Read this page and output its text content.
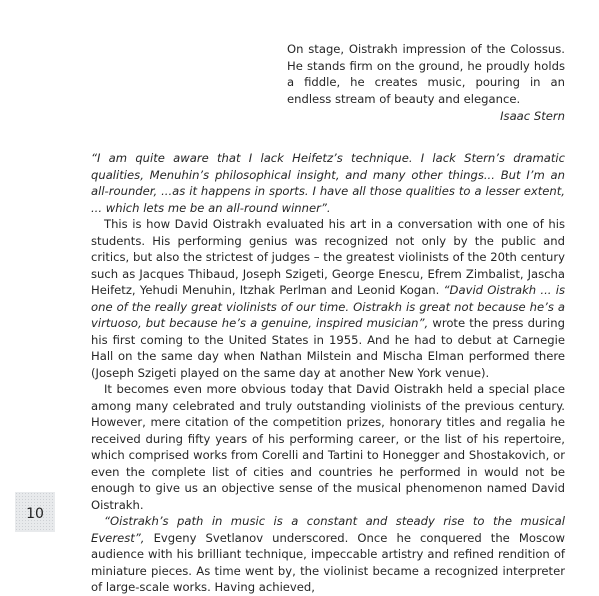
On stage, Oistrakh impression of the Colossus. He stands firm on the ground, he proudly holds a fiddle, he creates music, pouring in an endless stream of beauty and elegance.

Isaac Stern

“I am quite aware that I lack Heifetz’s technique. I lack Stern’s dramatic qualities, Menuhin’s philosophical insight, and many other things... But I’m an all-rounder, ...as it happens in sports. I have all those qualities to a lesser extent, ... which lets me be an all-round winner”.

This is how David Oistrakh evaluated his art in a conversation with one of his students. His performing genius was recognized not only by the public and critics, but also the strictest of judges – the greatest violinists of the 20th century such as Jacques Thibaud, Joseph Szigeti, George Enescu, Efrem Zimbalist, Jascha Heifetz, Yehudi Menuhin, Itzhak Perlman and Leonid Kogan. “David Oistrakh ... is one of the really great violinists of our time. Oistrakh is great not because he’s a virtuoso, but because he’s a genuine, inspired musician”, wrote the press during his first coming to the United States in 1955. And he had to debut at Carnegie Hall on the same day when Nathan Milstein and Mischa Elman performed there (Joseph Szigeti played on the same day at another New York venue).

It becomes even more obvious today that David Oistrakh held a special place among many celebrated and truly outstanding violinists of the previous century. However, mere citation of the competition prizes, honorary titles and regalia he received during fifty years of his performing career, or the list of his repertoire, which comprised works from Corelli and Tartini to Honegger and Shostakovich, or even the complete list of cities and countries he performed in would not be enough to give us an objective sense of the musical phenomenon named David Oistrakh.

“Oistrakh’s path in music is a constant and steady rise to the musical Everest”, Evgeny Svetlanov underscored. Once he conquered the Moscow audience with his brilliant technique, impeccable artistry and refined rendition of miniature pieces. As time went by, the violinist became a recognized interpreter of large-scale works. Having achieved,

10
